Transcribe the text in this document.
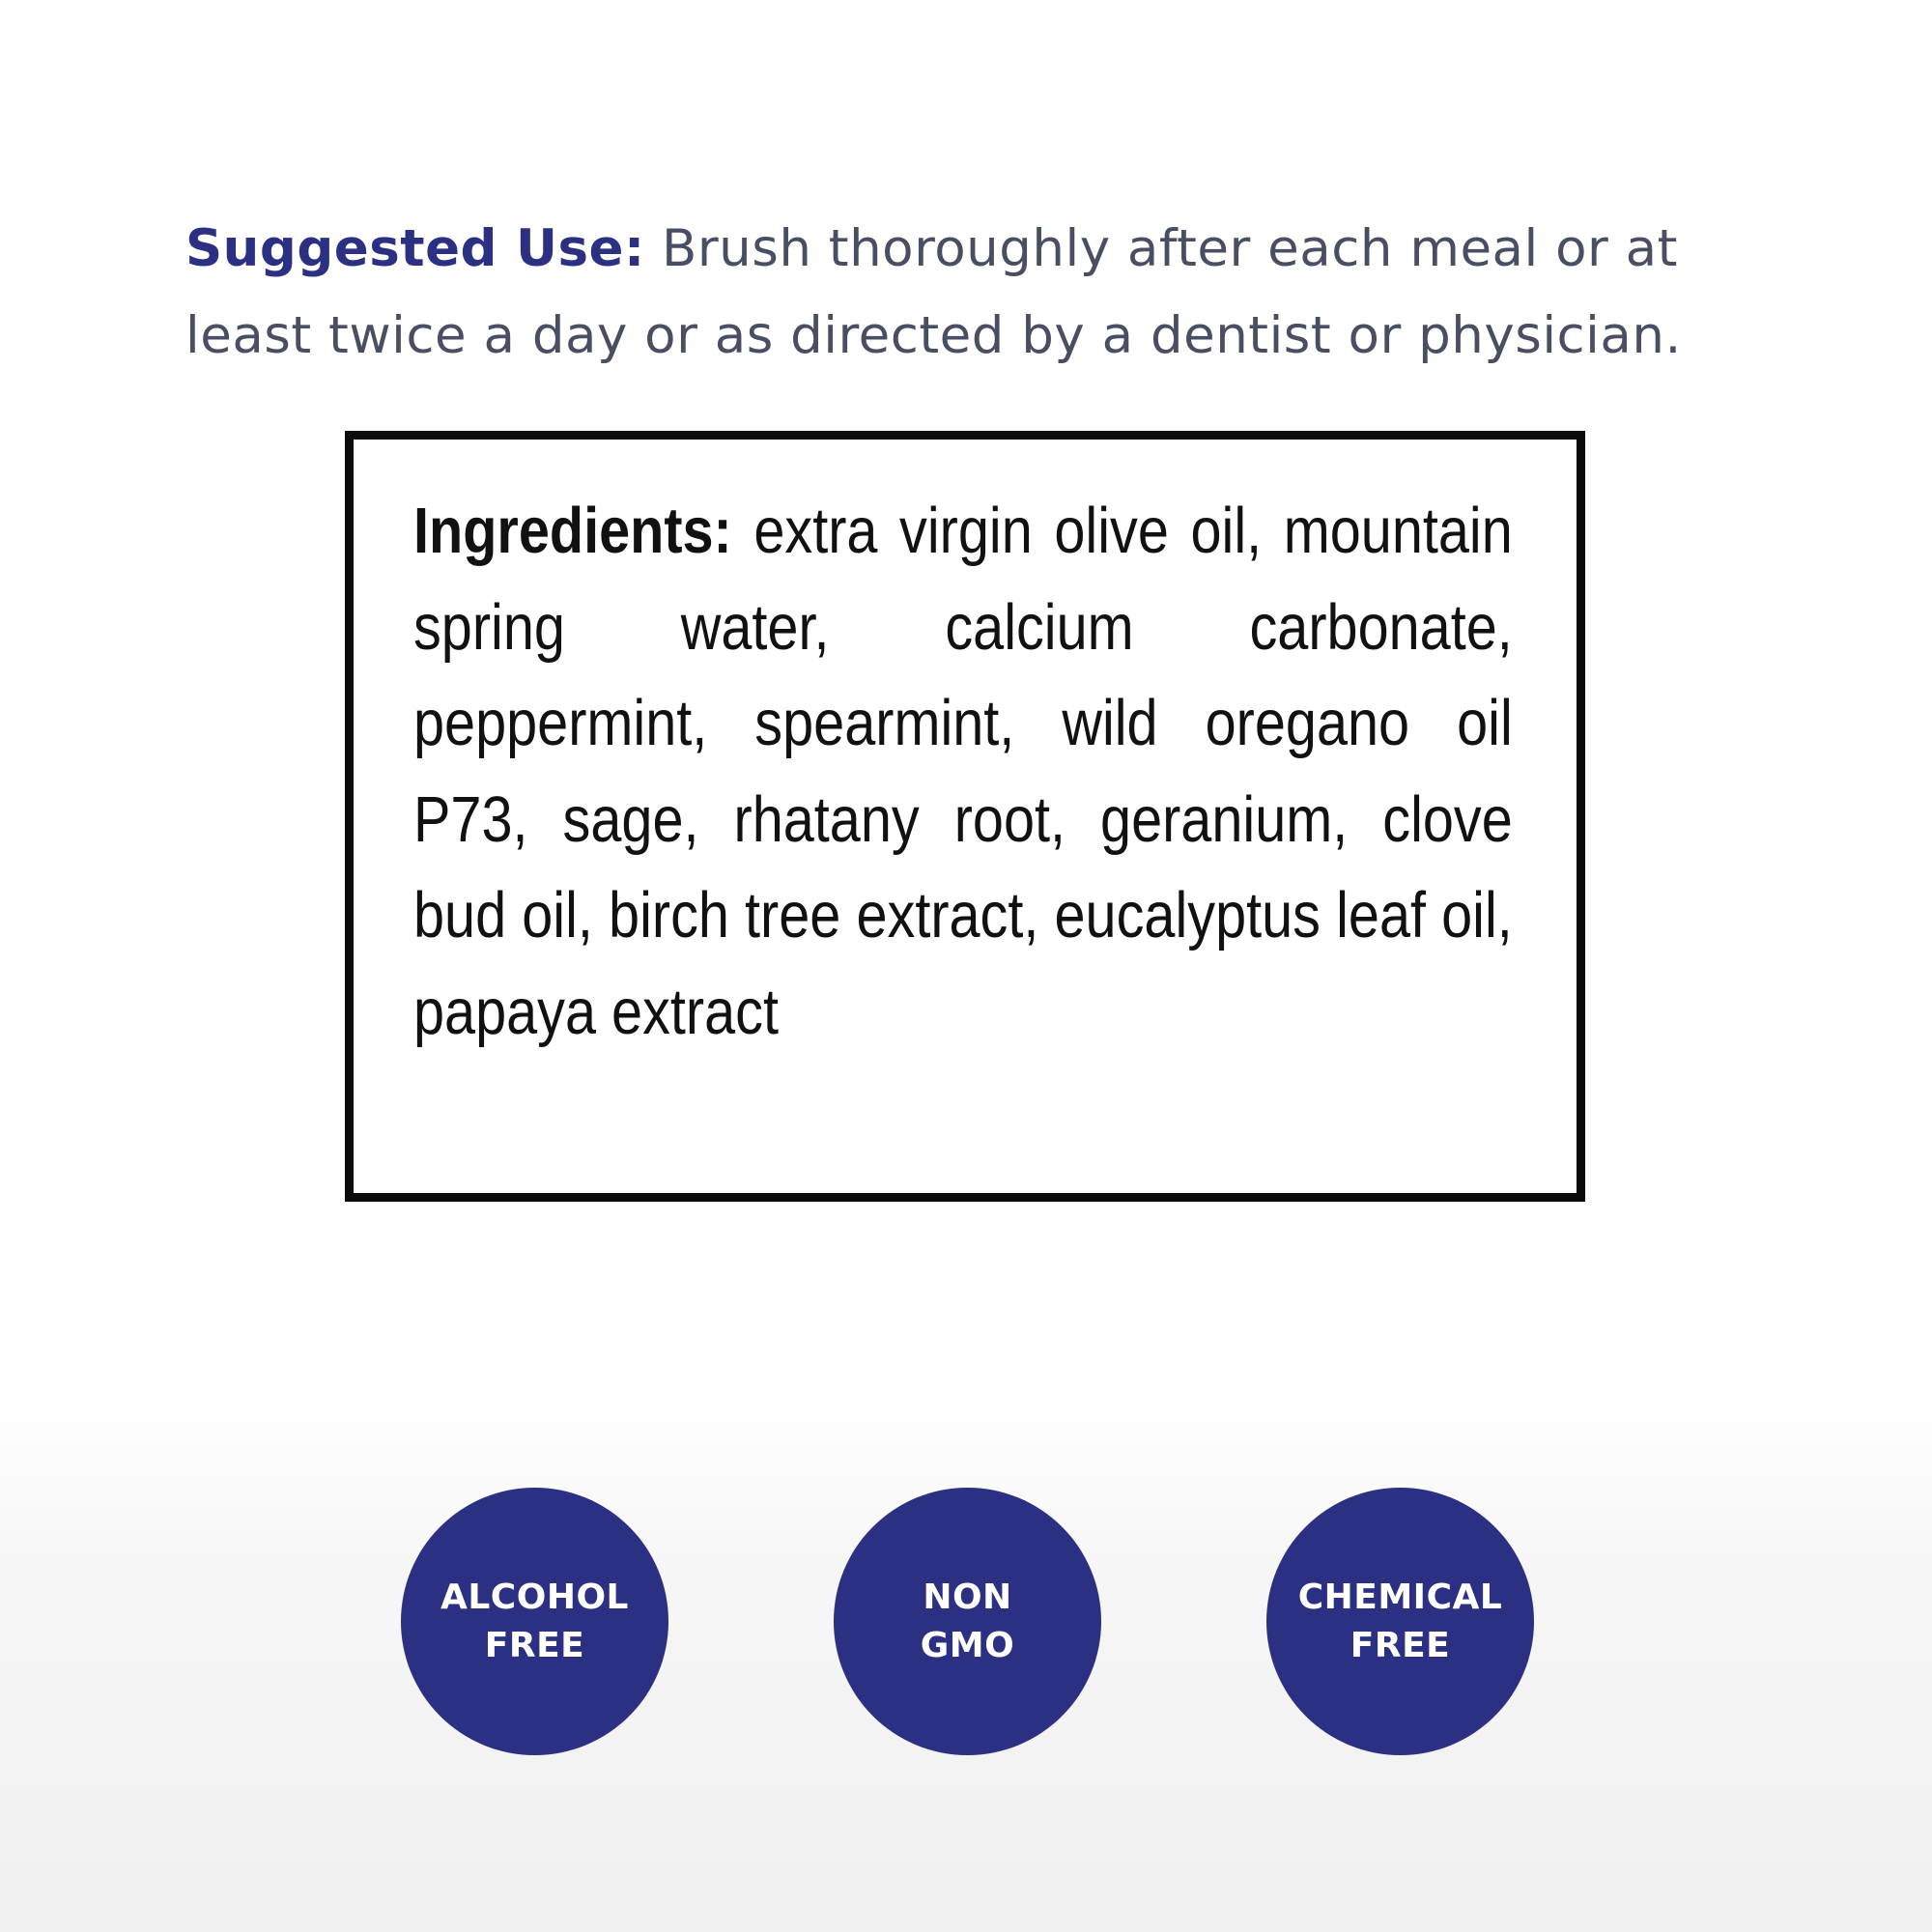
Suggested Use: Brush thoroughly after each meal or at least twice a day or as directed by a dentist or physician.

Ingredients: extra virgin olive oil, mountain spring water, calcium carbonate, peppermint, spearmint, wild oregano oil P73, sage, rhatany root, geranium, clove bud oil, birch tree extract, eucalyptus leaf oil, papaya extract
ALCOHOL
FREE
NON
GMO
CHEMICAL
FREE
